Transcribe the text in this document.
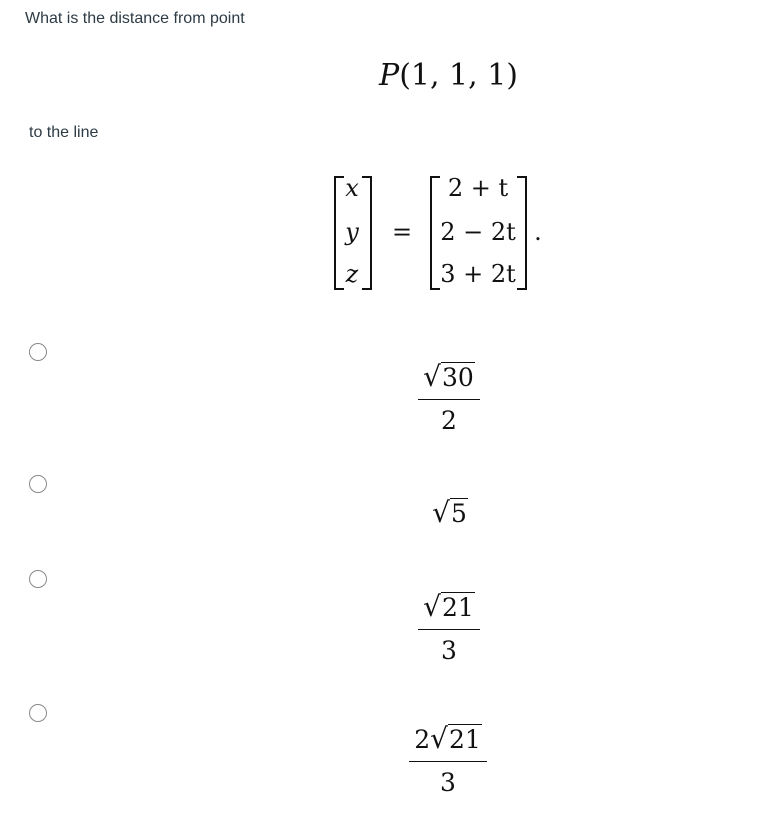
What is the distance from point
P(1, 1, 1)
to the line
x
y
z
=
2 + t
2 − 2t
3 + 2t
.
√30
2
√5
√21
3
2√21
3
